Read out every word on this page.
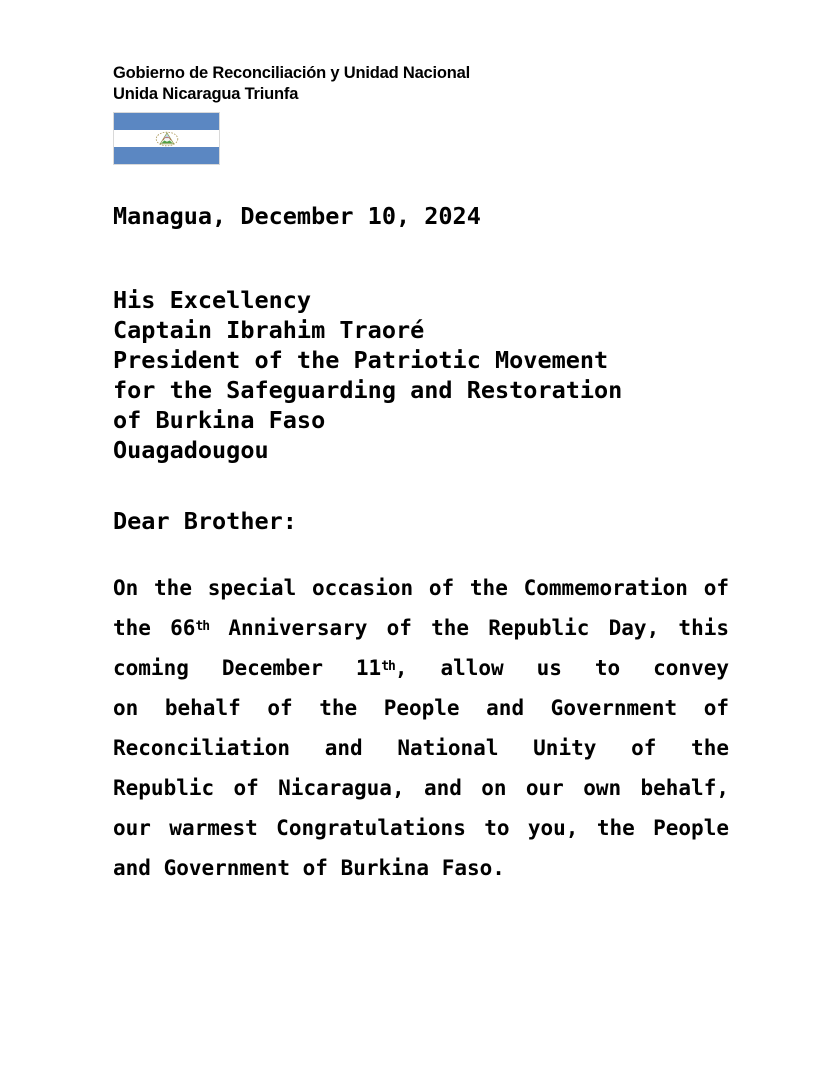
Gobierno de Reconciliación y Unidad Nacional
Unida Nicaragua Triunfa
Managua, December 10, 2024
His Excellency
Captain Ibrahim Traoré
President of the Patriotic Movement
for the Safeguarding and Restoration
of Burkina Faso
Ouagadougou
Dear Brother:
On the special occasion of the Commemoration of
the 66th Anniversary of the Republic Day, this
coming December 11th, allow us to convey
on behalf of the People and Government of
Reconciliation and National Unity of the
Republic of Nicaragua, and on our own behalf,
our warmest Congratulations to you, the People
and Government of Burkina Faso.
